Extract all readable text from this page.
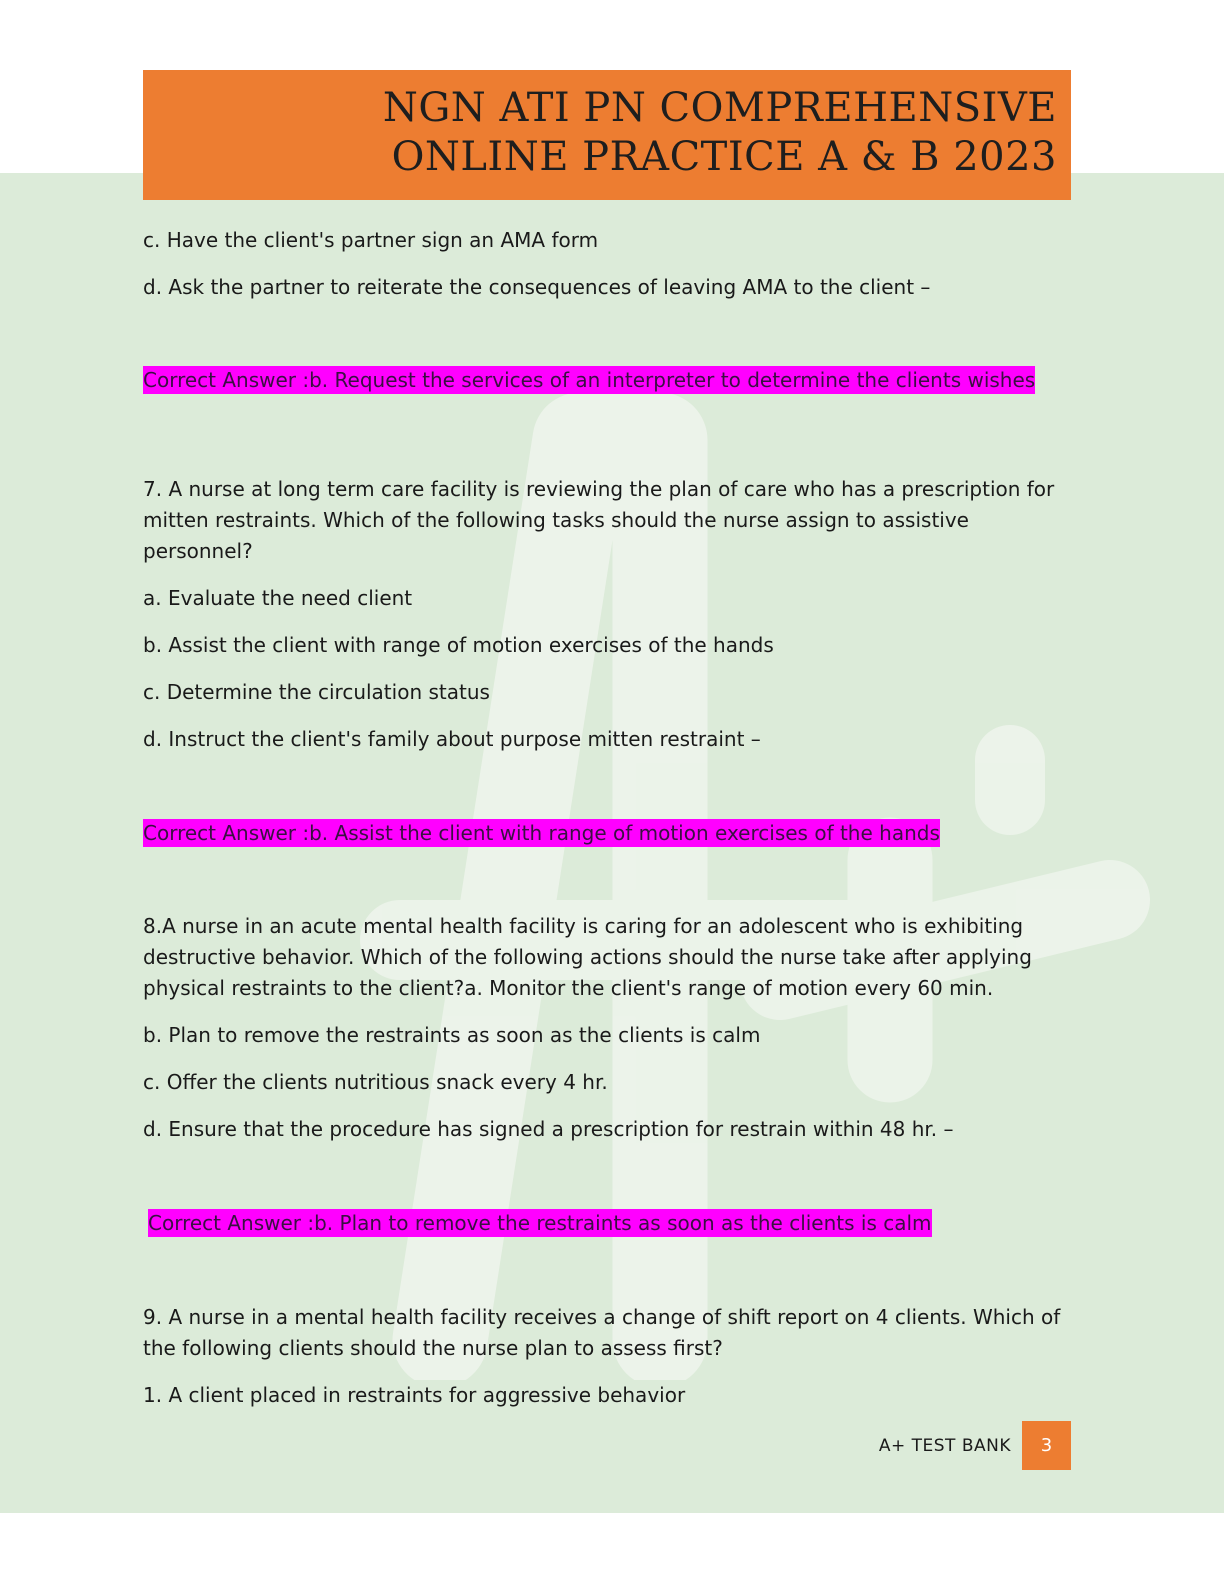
NGN ATI PN COMPREHENSIVE
ONLINE PRACTICE A & B 2023

c. Have the client's partner sign an AMA form

d. Ask the partner to reiterate the consequences of leaving AMA to the client –

Correct Answer :b. Request the services of an interpreter to determine the clients wishes

7. A nurse at long term care facility is reviewing the plan of care who has a prescription for mitten restraints. Which of the following tasks should the nurse assign to assistive personnel?

a. Evaluate the need client

b. Assist the client with range of motion exercises of the hands

c. Determine the circulation status

d. Instruct the client's family about purpose mitten restraint –

Correct Answer :b. Assist the client with range of motion exercises of the hands

8.A nurse in an acute mental health facility is caring for an adolescent who is exhibiting destructive behavior. Which of the following actions should the nurse take after applying physical restraints to the client?a. Monitor the client's range of motion every 60 min.

b. Plan to remove the restraints as soon as the clients is calm

c. Offer the clients nutritious snack every 4 hr.

d. Ensure that the procedure has signed a prescription for restrain within 48 hr. –

Correct Answer :b. Plan to remove the restraints as soon as the clients is calm

9. A nurse in a mental health facility receives a change of shift report on 4 clients. Which of the following clients should the nurse plan to assess first?

1. A client placed in restraints for aggressive behavior

A+ TEST BANK	3
